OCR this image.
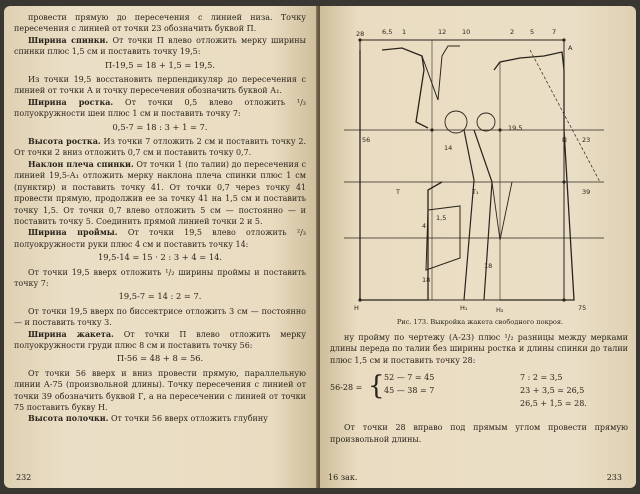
провести прямую до пересечения с линией низа. Точку пересечения с линией от точки 23 обозначить буквой П.

Ширина спинки. От точки П влево отложить мерку ширины спинки плюс 1,5 см и поставить точку 19,5:

П-19,5 = 18 + 1,5 = 19,5.

Из точки 19,5 восстановить перпендикуляр до пересечения с линией от точки А и точку пересечения обозначить буквой А₁.

Ширина ростка. От точки 0,5 влево отложить ¹/₃ полуокружности шеи плюс 1 см и поставить точку 7:

0,5-7 = 18 : 3 + 1 = 7.

Высота ростка. Из точки 7 отложить 2 см и поставить точку 2. От точки 2 вниз отложить 0,7 см и поставить точку 0,7.

Наклон плеча спинки. От точки 1 (по талии) до пересечения с линией 19,5-А₁ отложить мерку наклона плеча спинки плюс 1 см (пунктир) и поставить точку 41. От точки 0,7 через точку 41 провести прямую, продолжив ее за точку 41 на 1,5 см и поставить точку 1,5. От точки 0,7 влево отложить 5 см — постоянно — и поставить точку 5. Соединить прямой линией точки 2 и 5.

Ширина проймы. От точки 19,5 влево отложить ²/₃ полуокружности руки плюс 4 см и поставить точку 14:

19,5-14 = 15 · 2 : 3 + 4 = 14.

От точки 19,5 вверх отложить ¹/₂ ширины проймы и поставить точку 7:

19,5-7 = 14 : 2 = 7.

От точки 19,5 вверх по биссектрисе отложить 3 см — постоянно — и поставить точку 3.

Ширина жакета. От точки П влево отложить мерку полуокружности груди плюс 8 см и поставить точку 56:

П-56 = 48 + 8 = 56.

От точки 56 вверх и вниз провести прямую, параллельную линии А-75 (произвольной длины). Точку пересечения с линией от точки 39 обозначить буквой Г, а на пересечении с линией от точки 75 поставить букву Н.

Высота полочки. От точки 56 вверх отложить глубину

232
28	6,5 1	12 10	2 5	7
A
56	П 23
39
T	T₁
H	H₁	H₂	75
18
1,5
19,5
14
18
4
Рис. 173. Выкройка жакета свободного покроя.

ну пройму по чертежу (А-23) плюс ¹/₂ разницы между мерками длины переда по талии без ширины ростка и длины спинки до талии плюс 1,5 см и поставить точку 28:

56-28 = { 52 — 7 = 45
45 — 38 = 7
7 : 2 = 3,5
23 + 3,5 = 26,5
26,5 + 1,5 = 28.

От точки 28 вправо под прямым углом провести прямую произвольной длины.

16 зак.	233
